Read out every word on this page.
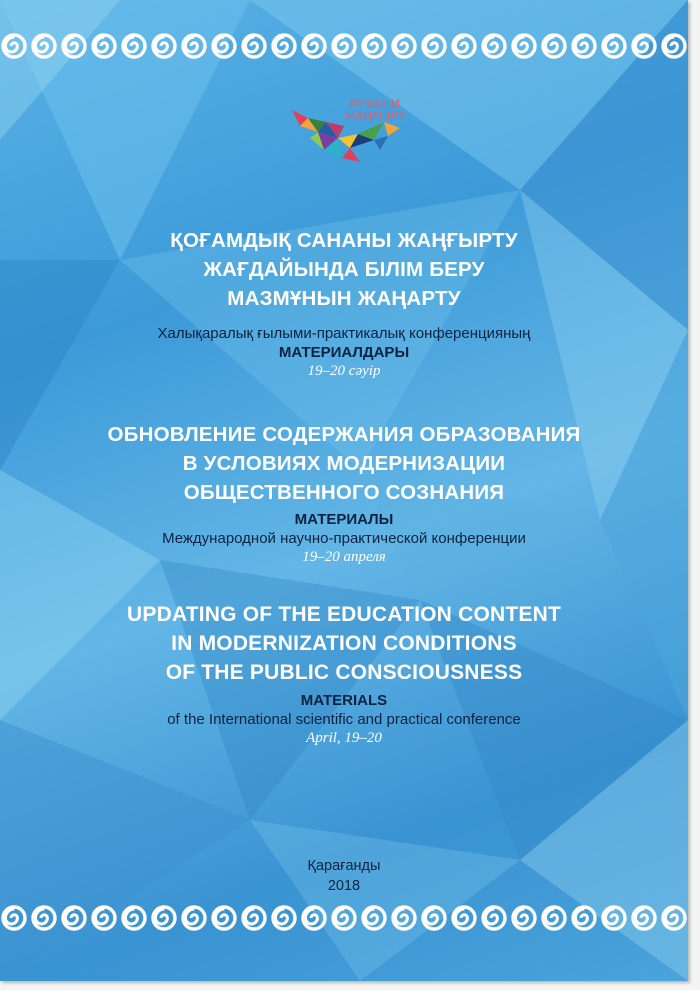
РУХАНИ
ЖАҢҒЫРУ
ҚОҒАМДЫҚ САНАНЫ ЖАҢҒЫРТУ
ЖАҒДАЙЫНДА БІЛІМ БЕРУ
МАЗМҰНЫН ЖАҢАРТУ
Халықаралық ғылыми-практикалық конференцияның
МАТЕРИАЛДАРЫ
19–20 сәуір
ОБНОВЛЕНИЕ СОДЕРЖАНИЯ ОБРАЗОВАНИЯ
В УСЛОВИЯХ МОДЕРНИЗАЦИИ
ОБЩЕСТВЕННОГО СОЗНАНИЯ
МАТЕРИАЛЫ
Международной научно-практической конференции
19–20 апреля
UPDATING OF THE EDUCATION CONTENT
IN MODERNIZATION CONDITIONS
OF THE PUBLIC CONSCIOUSNESS
MATERIALS
of the International scientific and practical conference
April, 19–20
Қарағанды
2018
